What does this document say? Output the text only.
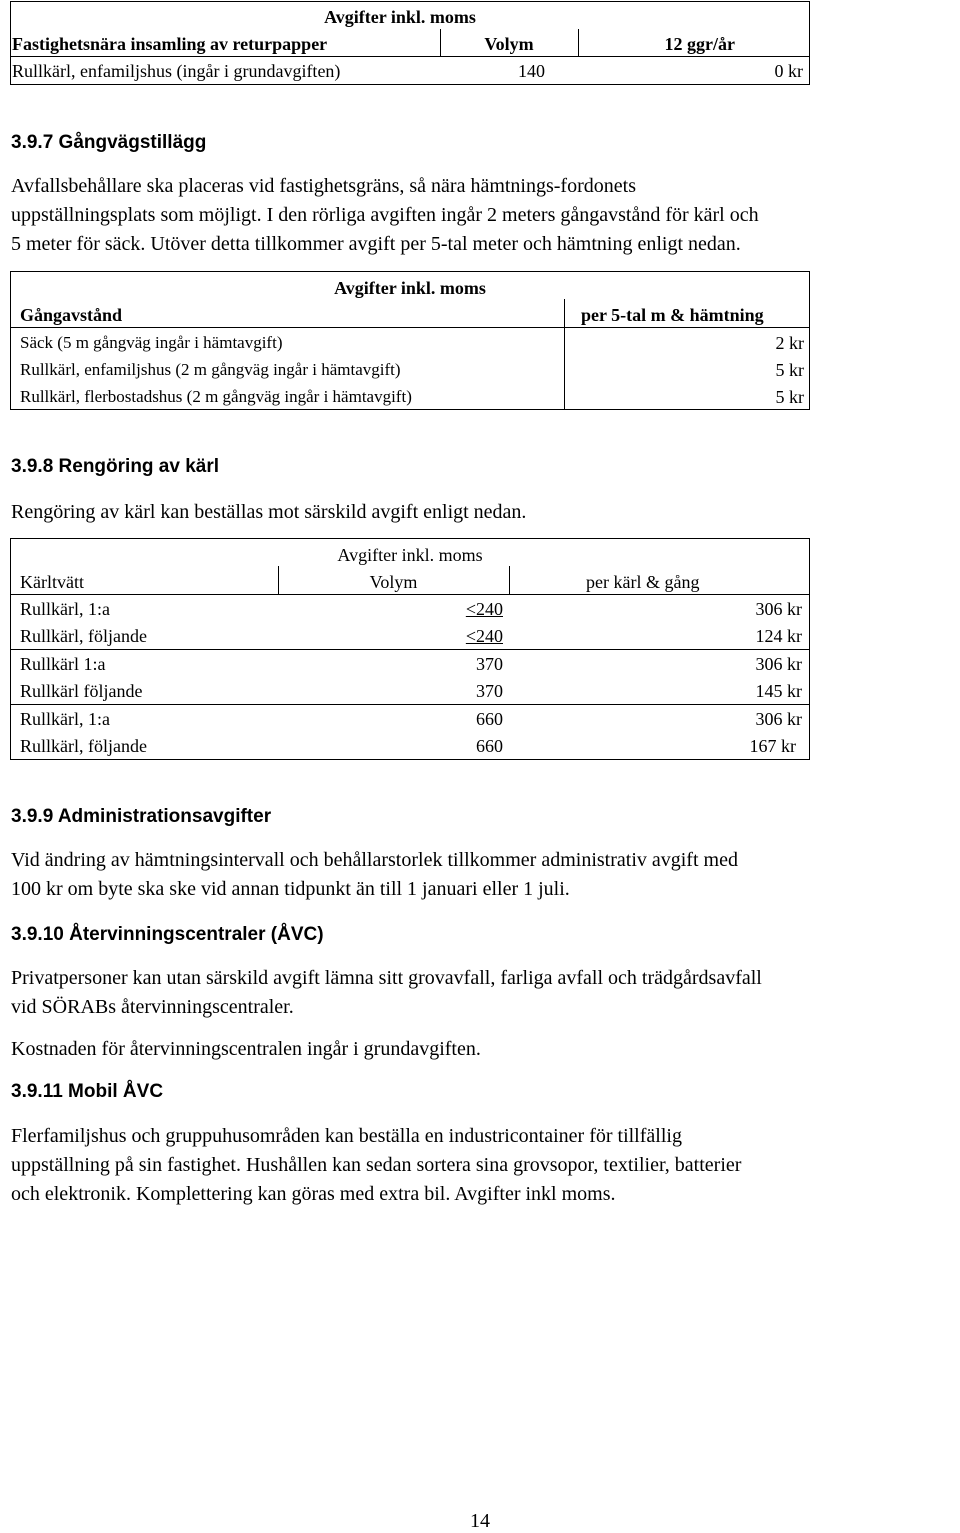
Avgifter inkl. moms
Fastighetsnära insamling av returpapper	Volym	12 ggr/år
Rullkärl, enfamiljshus (ingår i grundavgiften)	140	0 kr
3.9.7 Gångvägstillägg
Avfallsbehållare ska placeras vid fastighetsgräns, så nära hämtnings-fordonets
uppställningsplats som möjligt. I den rörliga avgiften ingår 2 meters gångavstånd för kärl och
5 meter för säck. Utöver detta tillkommer avgift per 5-tal meter och hämtning enligt nedan.
Avgifter inkl. moms
Gångavstånd	per 5-tal m & hämtning
Säck (5 m gångväg ingår i hämtavgift)	2 kr
Rullkärl, enfamiljshus (2 m gångväg ingår i hämtavgift)	5 kr
Rullkärl, flerbostadshus (2 m gångväg ingår i hämtavgift)	5 kr
3.9.8 Rengöring av kärl
Rengöring av kärl kan beställas mot särskild avgift enligt nedan.
Avgifter inkl. moms
Kärltvätt	Volym	per kärl & gång
Rullkärl, 1:a	<240	306 kr
Rullkärl, följande	<240	124 kr
Rullkärl 1:a	370	306 kr
Rullkärl följande	370	145 kr
Rullkärl, 1:a	660	306 kr
Rullkärl, följande	660	167 kr
3.9.9 Administrationsavgifter
Vid ändring av hämtningsintervall och behållarstorlek tillkommer administrativ avgift med
100 kr om byte ska ske vid annan tidpunkt än till 1 januari eller 1 juli.
3.9.10 Återvinningscentraler (ÅVC)
Privatpersoner kan utan särskild avgift lämna sitt grovavfall, farliga avfall och trädgårdsavfall
vid SÖRABs återvinningscentraler.
Kostnaden för återvinningscentralen ingår i grundavgiften.
3.9.11 Mobil ÅVC
Flerfamiljshus och gruppuhusområden kan beställa en industricontainer för tillfällig
uppställning på sin fastighet. Hushållen kan sedan sortera sina grovsopor, textilier, batterier
och elektronik. Komplettering kan göras med extra bil. Avgifter inkl moms.
14
